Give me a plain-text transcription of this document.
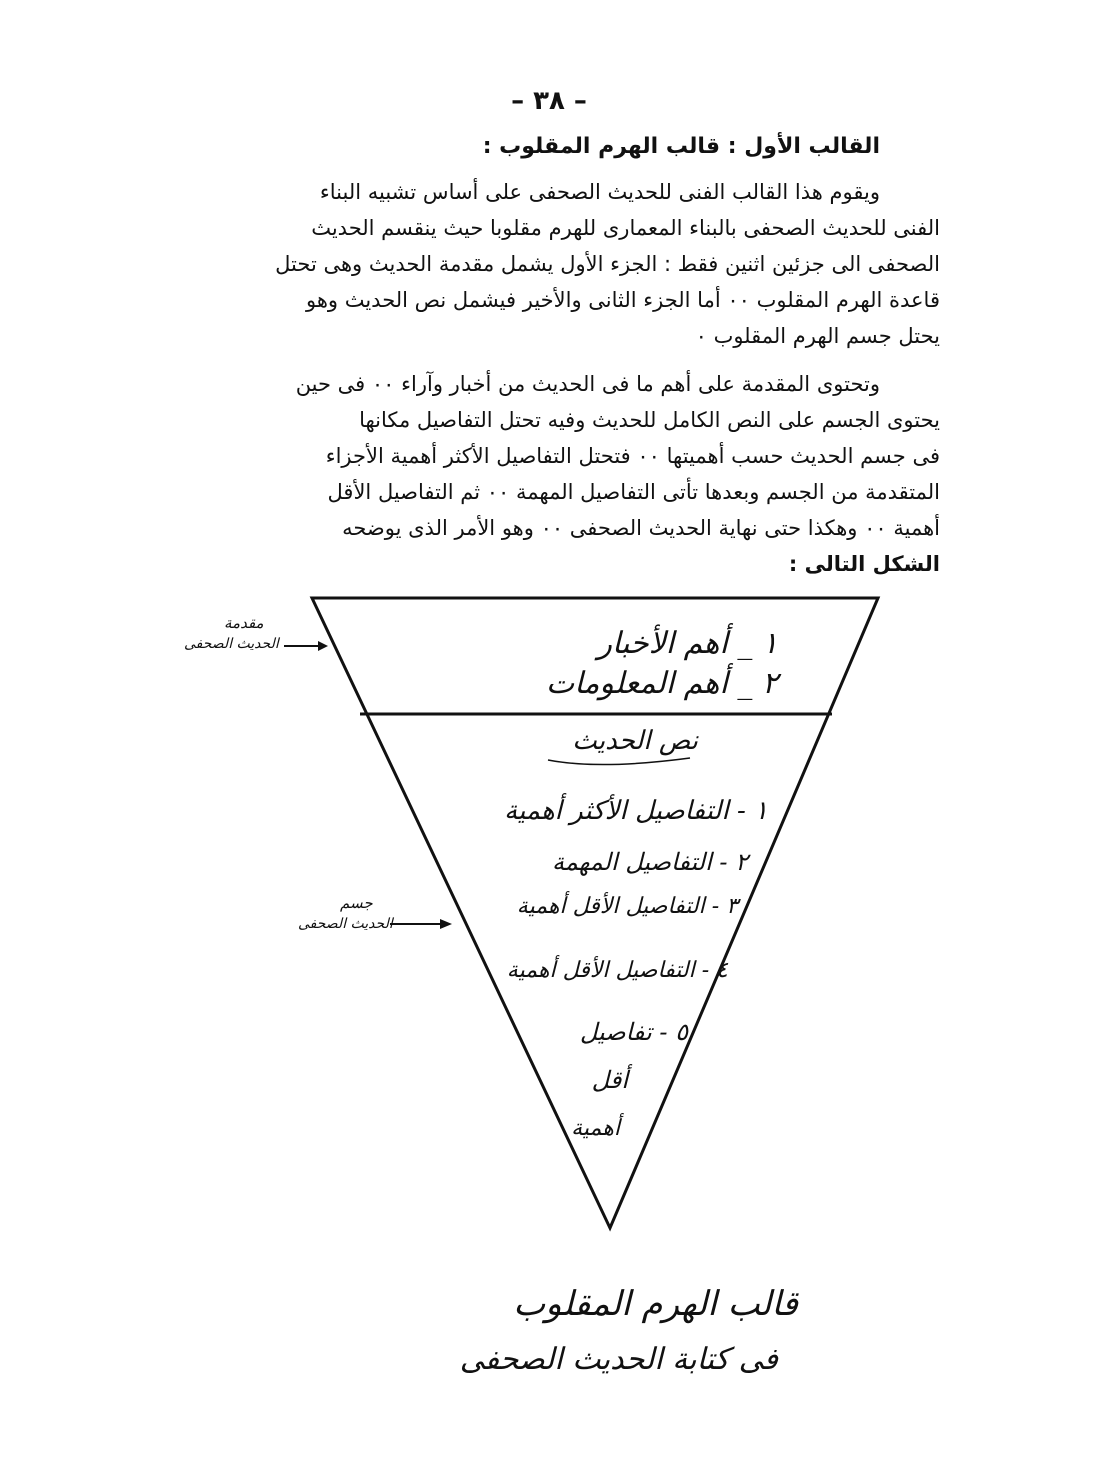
– ٣٨ –
القالب الأول : قالب الهرم المقلوب :

ويقوم هذا القالب الفنى للحديث الصحفى على أساس تشبيه البناء

الفنى للحديث الصحفى بالبناء المعمارى للهرم مقلوبا حيث ينقسم الحديث

الصحفى الى جزئين اثنين فقط : الجزء الأول يشمل مقدمة الحديث وهى تحتل

قاعدة الهرم المقلوب ٠٠ أما الجزء الثانى والأخير فيشمل نص الحديث وهو

يحتل جسم الهرم المقلوب ٠

وتحتوى المقدمة على أهم ما فى الحديث من أخبار وآراء ٠٠ فى حين

يحتوى الجسم على النص الكامل للحديث وفيه تحتل التفاصيل مكانها

فى جسم الحديث حسب أهميتها ٠٠ فتحتل التفاصيل الأكثر أهمية الأجزاء

المتقدمة من الجسم وبعدها تأتى التفاصيل المهمة ٠٠ ثم التفاصيل الأقل

أهمية ٠٠ وهكذا حتى نهاية الحديث الصحفى ٠٠ وهو الأمر الذى يوضحه

الشكل التالى :

١ _ أهم الأخبار
٢ _ أهم المعلومات
نص الحديث
١ - التفاصيل الأكثر أهمية
٢ - التفاصيل المهمة
٣ - التفاصيل الأقل أهمية
٤ - التفاصيل الأقل أهمية
٥ - تفاصيل
أقل
أهمية
مقدمة
الحديث الصحفى
جسم
الحديث الصحفى
قالب الهرم المقلوب
فى كتابة الحديث الصحفى
